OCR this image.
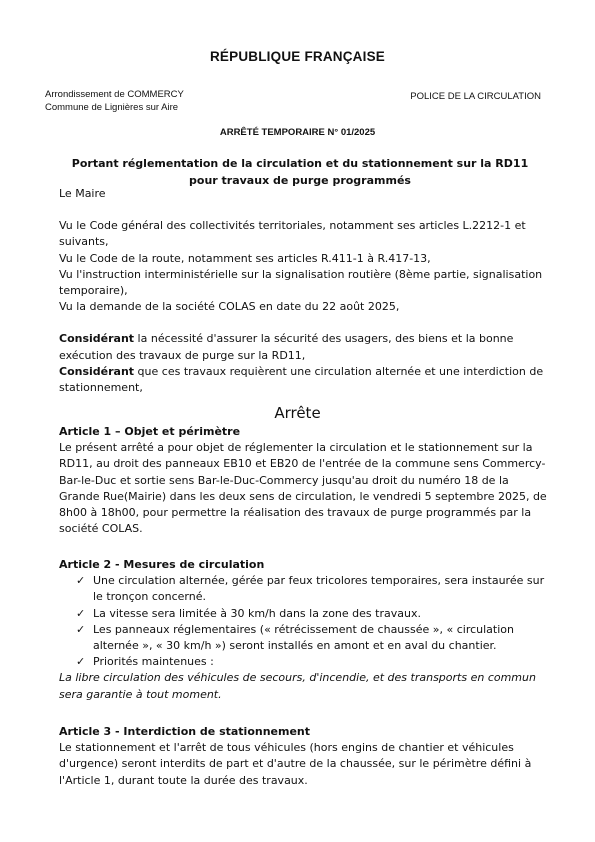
RÉPUBLIQUE FRANÇAISE
Arrondissement de COMMERCY
Commune de Lignières sur Aire
POLICE DE LA CIRCULATION
ARRÊTÉ TEMPORAIRE N° 01/2025
Portant réglementation de la circulation et du stationnement sur la RD11 pour travaux de purge programmés

Le Maire

Vu le Code général des collectivités territoriales, notamment ses articles L.2212-1 et suivants,

Vu le Code de la route, notamment ses articles R.411-1 à R.417-13,

Vu l'instruction interministérielle sur la signalisation routière (8ème partie, signalisation temporaire),

Vu la demande de la société COLAS en date du 22 août 2025,

Considérant la nécessité d'assurer la sécurité des usagers, des biens et la bonne exécution des travaux de purge sur la RD11,

Considérant que ces travaux requièrent une circulation alternée et une interdiction de stationnement,

Arrête

Article 1 – Objet et périmètre

Le présent arrêté a pour objet de réglementer la circulation et le stationnement sur la RD11, au droit des panneaux EB10 et EB20 de l'entrée de la commune sens Commercy-Bar-le-Duc et sortie sens Bar-le-Duc-Commercy jusqu'au droit du numéro 18 de la Grande Rue(Mairie) dans les deux sens de circulation, le vendredi 5 septembre 2025, de 8h00 à 18h00, pour permettre la réalisation des travaux de purge programmés par la société COLAS.

Article 2 - Mesures de circulation

✓ Une circulation alternée, gérée par feux tricolores temporaires, sera instaurée sur le tronçon concerné.
✓ La vitesse sera limitée à 30 km/h dans la zone des travaux.
✓ Les panneaux réglementaires (« rétrécissement de chaussée », « circulation alternée », « 30 km/h ») seront installés en amont et en aval du chantier.
✓ Priorités maintenues :

La libre circulation des véhicules de secours, d'incendie, et des transports en commun sera garantie à tout moment.

Article 3 - Interdiction de stationnement

Le stationnement et l'arrêt de tous véhicules (hors engins de chantier et véhicules d'urgence) seront interdits de part et d'autre de la chaussée, sur le périmètre défini à l'Article 1, durant toute la durée des travaux.
